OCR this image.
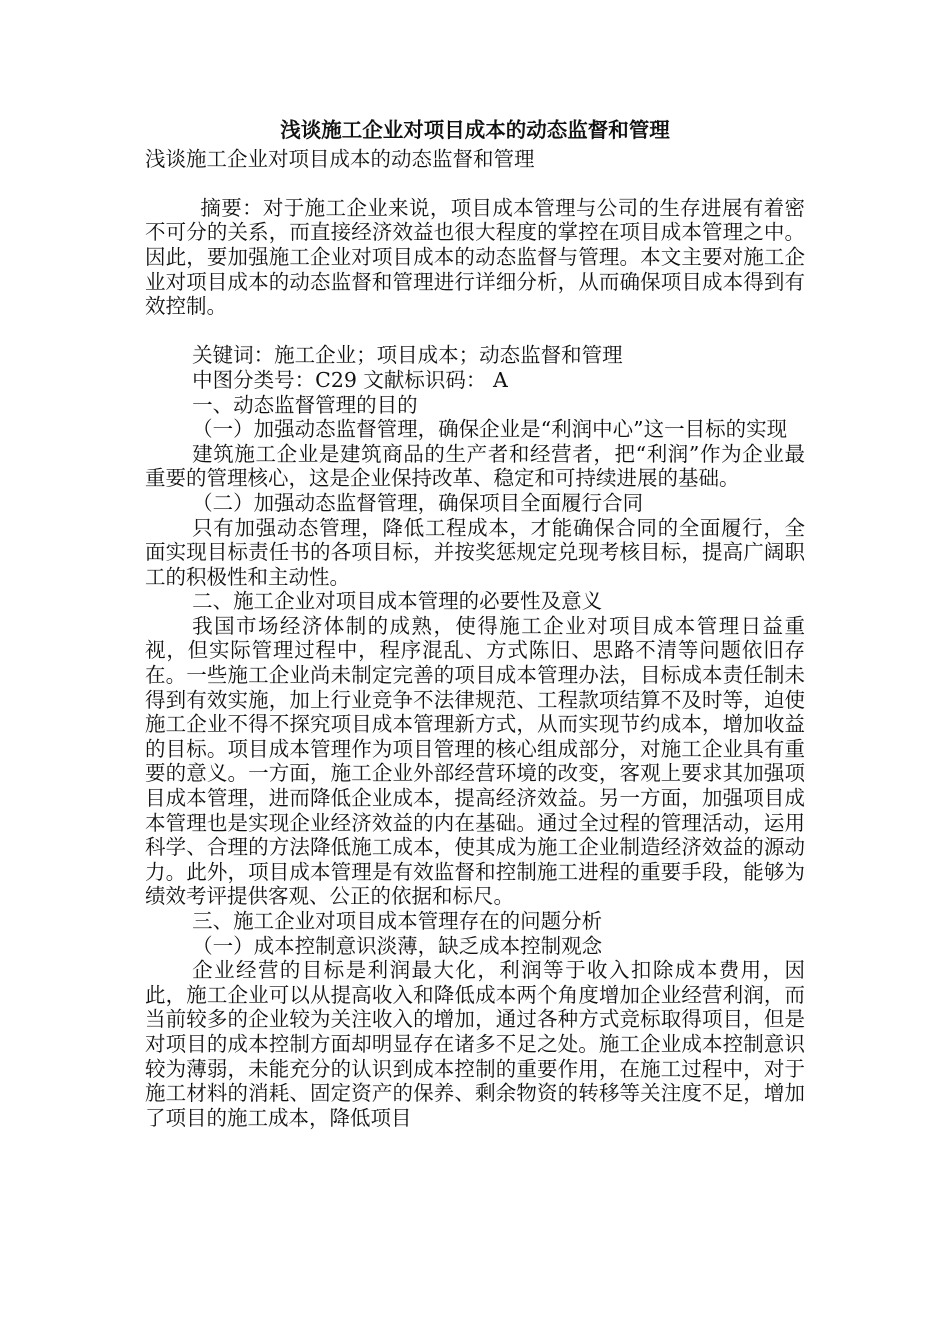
浅谈施工企业对项目成本的动态监督和管理

浅谈施工企业对项目成本的动态监督和管理

摘要：对于施工企业来说，项目成本管理与公司的生存进展有着密不可分的关系，而直接经济效益也很大程度的掌控在项目成本管理之中。因此，要加强施工企业对项目成本的动态监督与管理。本文主要对施工企业对项目成本的动态监督和管理进行详细分析，从而确保项目成本得到有效控制。

关键词：施工企业；项目成本；动态监督和管理

中图分类号：C29 文献标识码： A

一、动态监督管理的目的

（一）加强动态监督管理，确保企业是“利润中心”这一目标的实现

建筑施工企业是建筑商品的生产者和经营者，把“利润”作为企业最重要的管理核心，这是企业保持改革、稳定和可持续进展的基础。

（二）加强动态监督管理，确保项目全面履行合同

只有加强动态管理，降低工程成本，才能确保合同的全面履行，全面实现目标责任书的各项目标，并按奖惩规定兑现考核目标，提高广阔职工的积极性和主动性。

二、施工企业对项目成本管理的必要性及意义

我国市场经济体制的成熟，使得施工企业对项目成本管理日益重视，但实际管理过程中，程序混乱、方式陈旧、思路不清等问题依旧存在。一些施工企业尚未制定完善的项目成本管理办法，目标成本责任制未得到有效实施，加上行业竞争不法律规范、工程款项结算不及时等，迫使施工企业不得不探究项目成本管理新方式，从而实现节约成本，增加收益的目标。项目成本管理作为项目管理的核心组成部分，对施工企业具有重要的意义。一方面，施工企业外部经营环境的改变，客观上要求其加强项目成本管理，进而降低企业成本，提高经济效益。另一方面，加强项目成本管理也是实现企业经济效益的内在基础。通过全过程的管理活动，运用科学、合理的方法降低施工成本，使其成为施工企业制造经济效益的源动力。此外，项目成本管理是有效监督和控制施工进程的重要手段，能够为绩效考评提供客观、公正的依据和标尺。

三、施工企业对项目成本管理存在的问题分析

（一）成本控制意识淡薄，缺乏成本控制观念

企业经营的目标是利润最大化，利润等于收入扣除成本费用，因此，施工企业可以从提高收入和降低成本两个角度增加企业经营利润，而当前较多的企业较为关注收入的增加，通过各种方式竞标取得项目，但是对项目的成本控制方面却明显存在诸多不足之处。施工企业成本控制意识较为薄弱，未能充分的认识到成本控制的重要作用，在施工过程中，对于施工材料的消耗、固定资产的保养、剩余物资的转移等关注度不足，增加了项目的施工成本，降低项目
